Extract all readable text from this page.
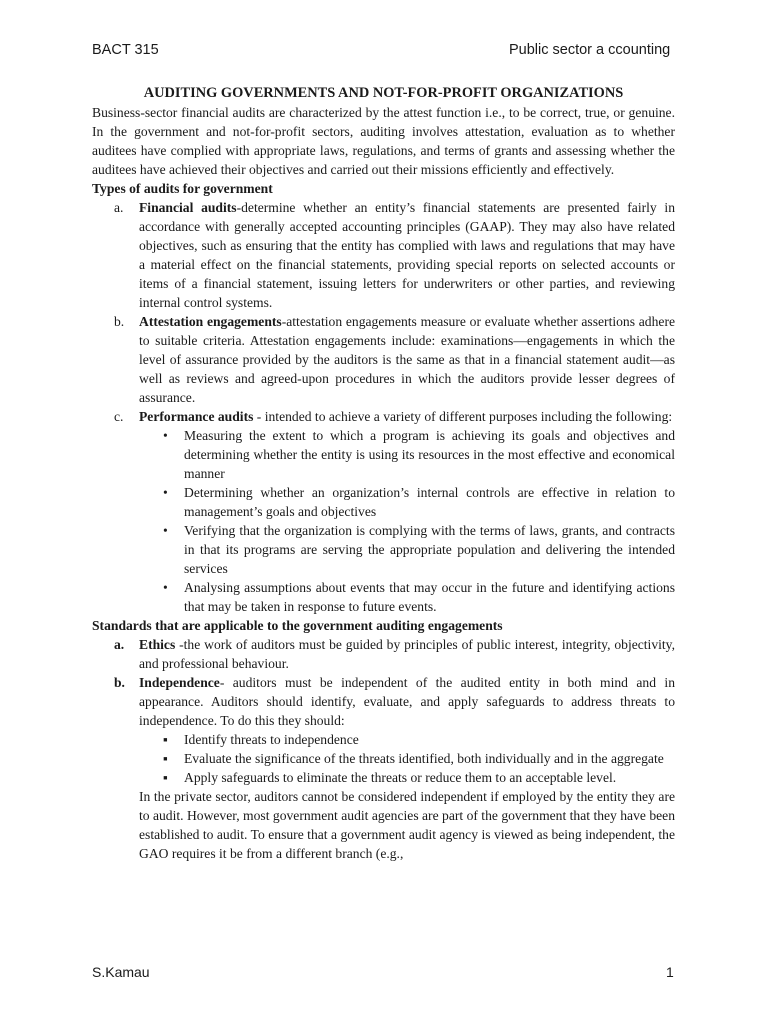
BACT 315	Public sector a ccounting

AUDITING GOVERNMENTS AND NOT-FOR-PROFIT ORGANIZATIONS

Business-sector financial audits are characterized by the attest function i.e., to be correct, true, or genuine. In the government and not-for-profit sectors, auditing involves attestation, evaluation as to whether auditees have complied with appropriate laws, regulations, and terms of grants and assessing whether the auditees have achieved their objectives and carried out their missions efficiently and effectively.

Types of audits for government

a. Financial audits-determine whether an entity’s financial statements are presented fairly in accordance with generally accepted accounting principles (GAAP). They may also have related objectives, such as ensuring that the entity has complied with laws and regulations that may have a material effect on the financial statements, providing special reports on selected accounts or items of a financial statement, issuing letters for underwriters or other parties, and reviewing internal control systems.
b. Attestation engagements-attestation engagements measure or evaluate whether assertions adhere to suitable criteria. Attestation engagements include: examinations—engagements in which the level of assurance provided by the auditors is the same as that in a financial statement audit—as well as reviews and agreed-upon procedures in which the auditors provide lesser degrees of assurance.
c. Performance audits - intended to achieve a variety of different purposes including the following:
• Measuring the extent to which a program is achieving its goals and objectives and determining whether the entity is using its resources in the most effective and economical manner
• Determining whether an organization’s internal controls are effective in relation to management’s goals and objectives
• Verifying that the organization is complying with the terms of laws, grants, and contracts in that its programs are serving the appropriate population and delivering the intended services
• Analysing assumptions about events that may occur in the future and identifying actions that may be taken in response to future events.

Standards that are applicable to the government auditing engagements

a. Ethics -the work of auditors must be guided by principles of public interest, integrity, objectivity, and professional behaviour.
b. Independence- auditors must be independent of the audited entity in both mind and in appearance. Auditors should identify, evaluate, and apply safeguards to address threats to independence. To do this they should:
▪ Identify threats to independence
▪ Evaluate the significance of the threats identified, both individually and in the aggregate
▪ Apply safeguards to eliminate the threats or reduce them to an acceptable level.

In the private sector, auditors cannot be considered independent if employed by the entity they are to audit. However, most government audit agencies are part of the government that they have been established to audit. To ensure that a government audit agency is viewed as being independent, the GAO requires it be from a different branch (e.g.,

S.Kamau	1
